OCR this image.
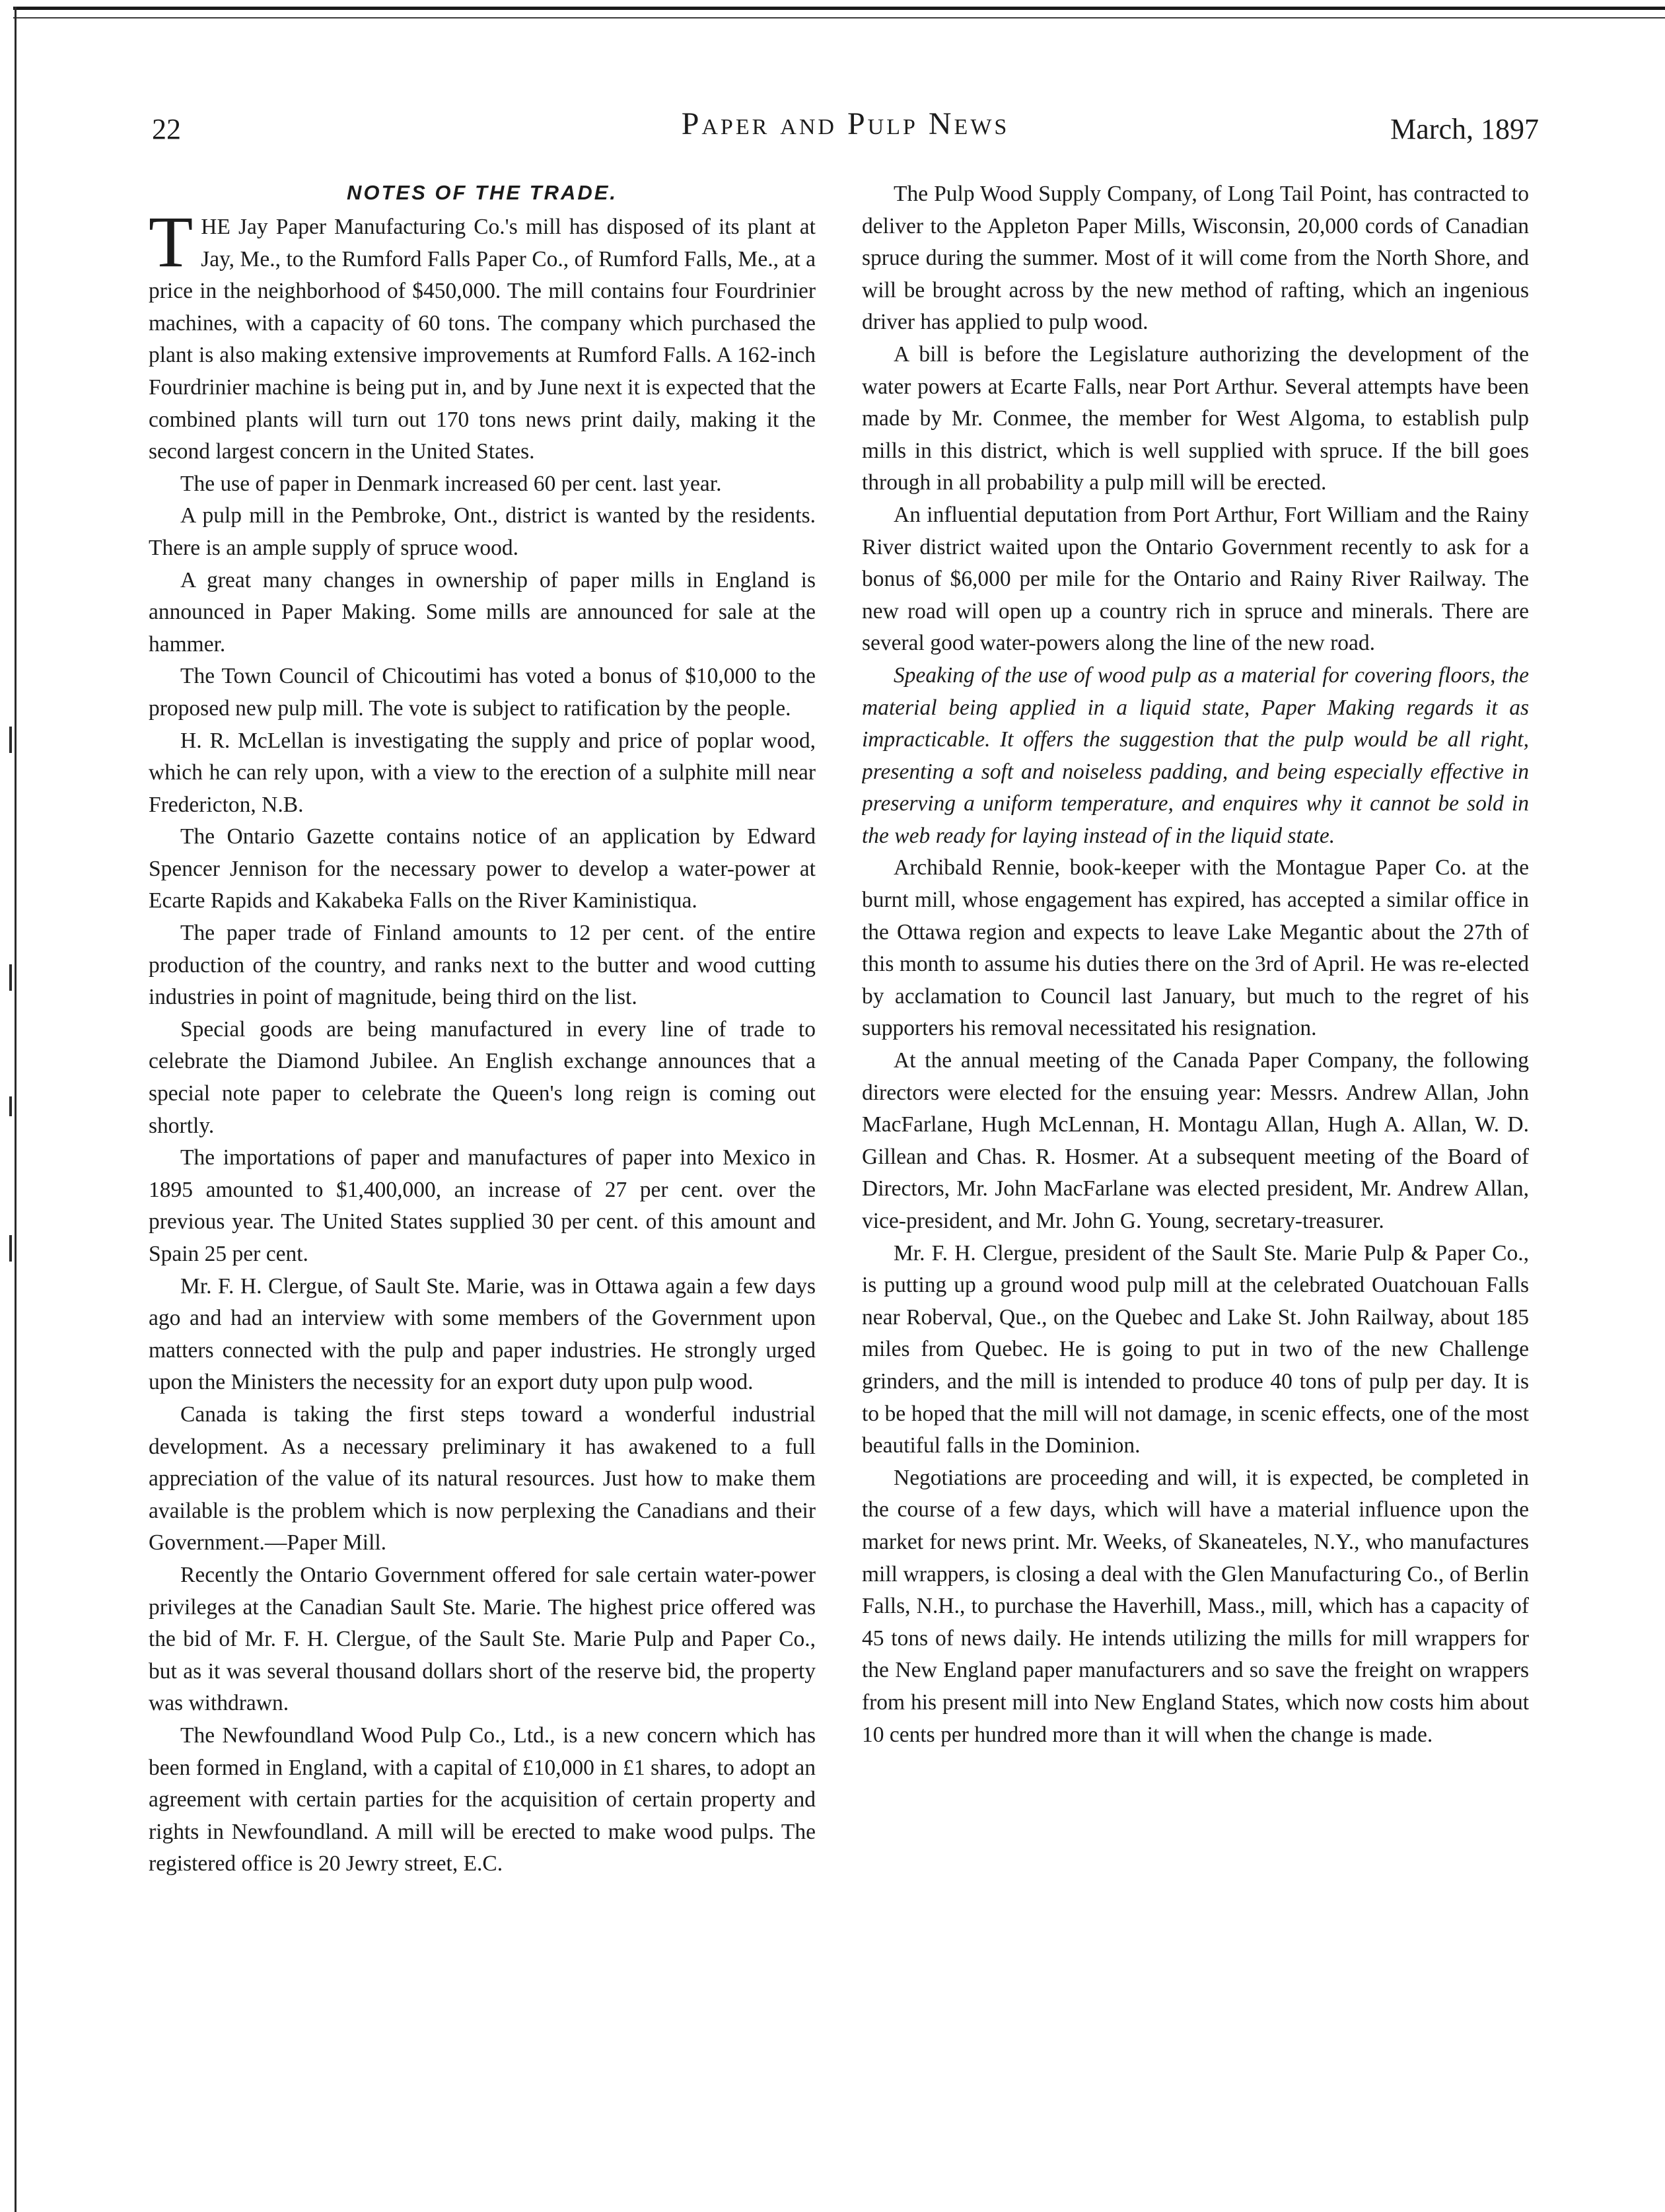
22	Paper and Pulp News	March, 1897
NOTES OF THE TRADE.

THE Jay Paper Manufacturing Co.'s mill has disposed of its plant at Jay, Me., to the Rumford Falls Paper Co., of Rumford Falls, Me., at a price in the neighborhood of $450,000. The mill contains four Fourdrinier machines, with a capacity of 60 tons. The company which purchased the plant is also making extensive improvements at Rumford Falls. A 162-inch Fourdrinier machine is being put in, and by June next it is expected that the combined plants will turn out 170 tons news print daily, making it the second largest concern in the United States.

The use of paper in Denmark increased 60 per cent. last year.

A pulp mill in the Pembroke, Ont., district is wanted by the residents. There is an ample supply of spruce wood.

A great many changes in ownership of paper mills in England is announced in Paper Making. Some mills are announced for sale at the hammer.

The Town Council of Chicoutimi has voted a bonus of $10,000 to the proposed new pulp mill. The vote is subject to ratification by the people.

H. R. McLellan is investigating the supply and price of poplar wood, which he can rely upon, with a view to the erection of a sulphite mill near Fredericton, N.B.

The Ontario Gazette contains notice of an application by Edward Spencer Jennison for the necessary power to develop a water-power at Ecarte Rapids and Kakabeka Falls on the River Kaministiqua.

The paper trade of Finland amounts to 12 per cent. of the entire production of the country, and ranks next to the butter and wood cutting industries in point of magnitude, being third on the list.

Special goods are being manufactured in every line of trade to celebrate the Diamond Jubilee. An English exchange announces that a special note paper to celebrate the Queen's long reign is coming out shortly.

The importations of paper and manufactures of paper into Mexico in 1895 amounted to $1,400,000, an increase of 27 per cent. over the previous year. The United States supplied 30 per cent. of this amount and Spain 25 per cent.

Mr. F. H. Clergue, of Sault Ste. Marie, was in Ottawa again a few days ago and had an interview with some members of the Government upon matters connected with the pulp and paper industries. He strongly urged upon the Ministers the necessity for an export duty upon pulp wood.

Canada is taking the first steps toward a wonderful industrial development. As a necessary preliminary it has awakened to a full appreciation of the value of its natural resources. Just how to make them available is the problem which is now perplexing the Canadians and their Government.—Paper Mill.

Recently the Ontario Government offered for sale certain water-power privileges at the Canadian Sault Ste. Marie. The highest price offered was the bid of Mr. F. H. Clergue, of the Sault Ste. Marie Pulp and Paper Co., but as it was several thousand dollars short of the reserve bid, the property was withdrawn.

The Newfoundland Wood Pulp Co., Ltd., is a new concern which has been formed in England, with a capital of £10,000 in £1 shares, to adopt an agreement with certain parties for the acquisition of certain property and rights in Newfoundland. A mill will be erected to make wood pulps. The registered office is 20 Jewry street, E.C.

The Pulp Wood Supply Company, of Long Tail Point, has contracted to deliver to the Appleton Paper Mills, Wisconsin, 20,000 cords of Canadian spruce during the summer. Most of it will come from the North Shore, and will be brought across by the new method of rafting, which an ingenious driver has applied to pulp wood.

A bill is before the Legislature authorizing the development of the water powers at Ecarte Falls, near Port Arthur. Several attempts have been made by Mr. Conmee, the member for West Algoma, to establish pulp mills in this district, which is well supplied with spruce. If the bill goes through in all probability a pulp mill will be erected.

An influential deputation from Port Arthur, Fort William and the Rainy River district waited upon the Ontario Government recently to ask for a bonus of $6,000 per mile for the Ontario and Rainy River Railway. The new road will open up a country rich in spruce and minerals. There are several good water-powers along the line of the new road.

Speaking of the use of wood pulp as a material for covering floors, the material being applied in a liquid state, Paper Making regards it as impracticable. It offers the suggestion that the pulp would be all right, presenting a soft and noiseless padding, and being especially effective in preserving a uniform temperature, and enquires why it cannot be sold in the web ready for laying instead of in the liquid state.

Archibald Rennie, book-keeper with the Montague Paper Co. at the burnt mill, whose engagement has expired, has accepted a similar office in the Ottawa region and expects to leave Lake Megantic about the 27th of this month to assume his duties there on the 3rd of April. He was re-elected by acclamation to Council last January, but much to the regret of his supporters his removal necessitated his resignation.

At the annual meeting of the Canada Paper Company, the following directors were elected for the ensuing year: Messrs. Andrew Allan, John MacFarlane, Hugh McLennan, H. Montagu Allan, Hugh A. Allan, W. D. Gillean and Chas. R. Hosmer. At a subsequent meeting of the Board of Directors, Mr. John MacFarlane was elected president, Mr. Andrew Allan, vice-president, and Mr. John G. Young, secretary-treasurer.

Mr. F. H. Clergue, president of the Sault Ste. Marie Pulp & Paper Co., is putting up a ground wood pulp mill at the celebrated Ouatchouan Falls near Roberval, Que., on the Quebec and Lake St. John Railway, about 185 miles from Quebec. He is going to put in two of the new Challenge grinders, and the mill is intended to produce 40 tons of pulp per day. It is to be hoped that the mill will not damage, in scenic effects, one of the most beautiful falls in the Dominion.

Negotiations are proceeding and will, it is expected, be completed in the course of a few days, which will have a material influence upon the market for news print. Mr. Weeks, of Skaneateles, N.Y., who manufactures mill wrappers, is closing a deal with the Glen Manufacturing Co., of Berlin Falls, N.H., to purchase the Haverhill, Mass., mill, which has a capacity of 45 tons of news daily. He intends utilizing the mills for mill wrappers for the New England paper manufacturers and so save the freight on wrappers from his present mill into New England States, which now costs him about 10 cents per hundred more than it will when the change is made.
